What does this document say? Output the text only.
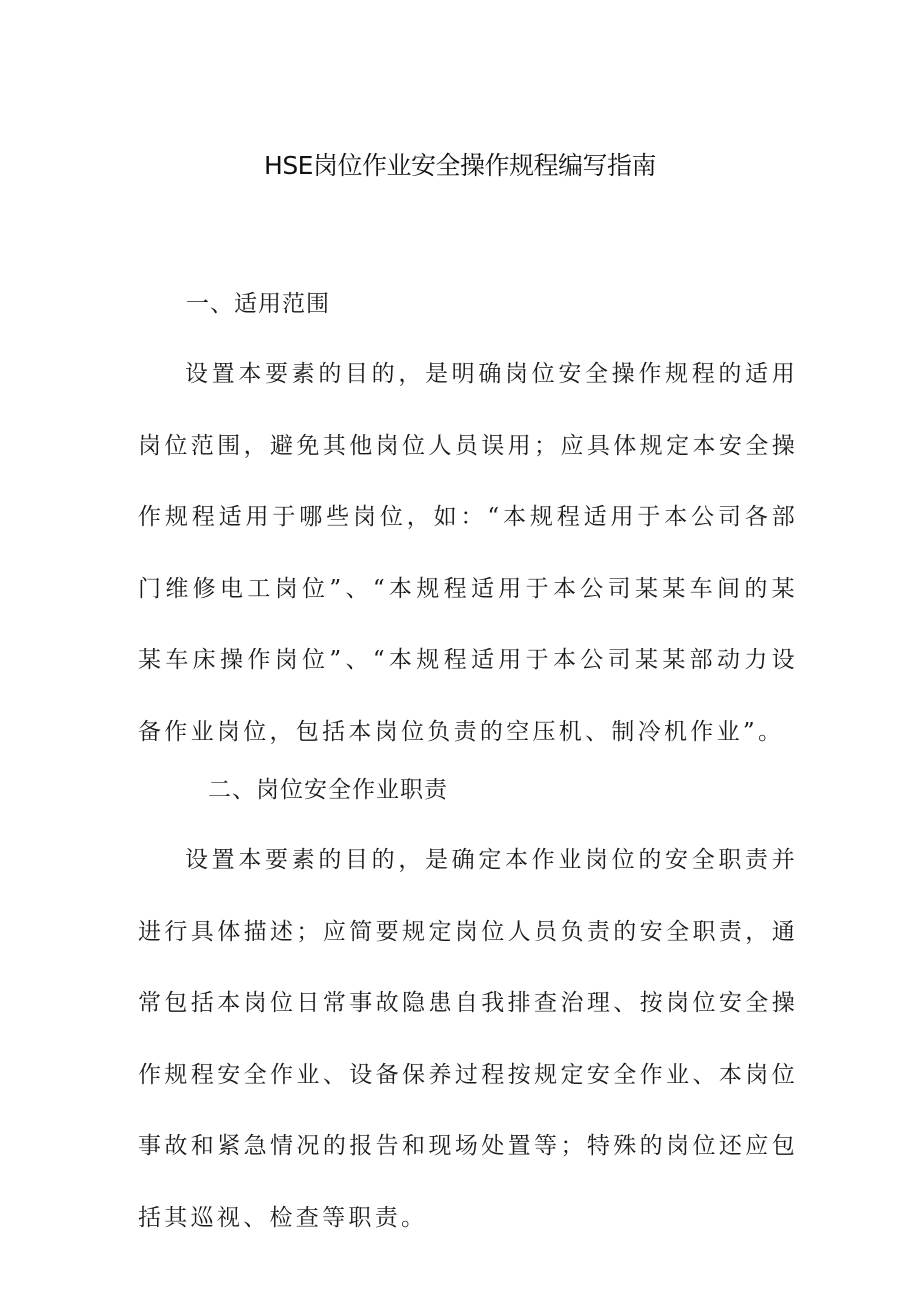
HSE岗位作业安全操作规程编写指南
一、适用范围

设置本要素的目的，是明确岗位安全操作规程的适用岗位范围，避免其他岗位人员误用；应具体规定本安全操作规程适用于哪些岗位，如：“本规程适用于本公司各部门维修电工岗位”、“本规程适用于本公司某某车间的某某车床操作岗位”、“本规程适用于本公司某某部动力设备作业岗位，包括本岗位负责的空压机、制冷机作业”。

二、岗位安全作业职责

设置本要素的目的，是确定本作业岗位的安全职责并进行具体描述；应简要规定岗位人员负责的安全职责，通常包括本岗位日常事故隐患自我排查治理、按岗位安全操作规程安全作业、设备保养过程按规定安全作业、本岗位事故和紧急情况的报告和现场处置等；特殊的岗位还应包括其巡视、检查等职责。
